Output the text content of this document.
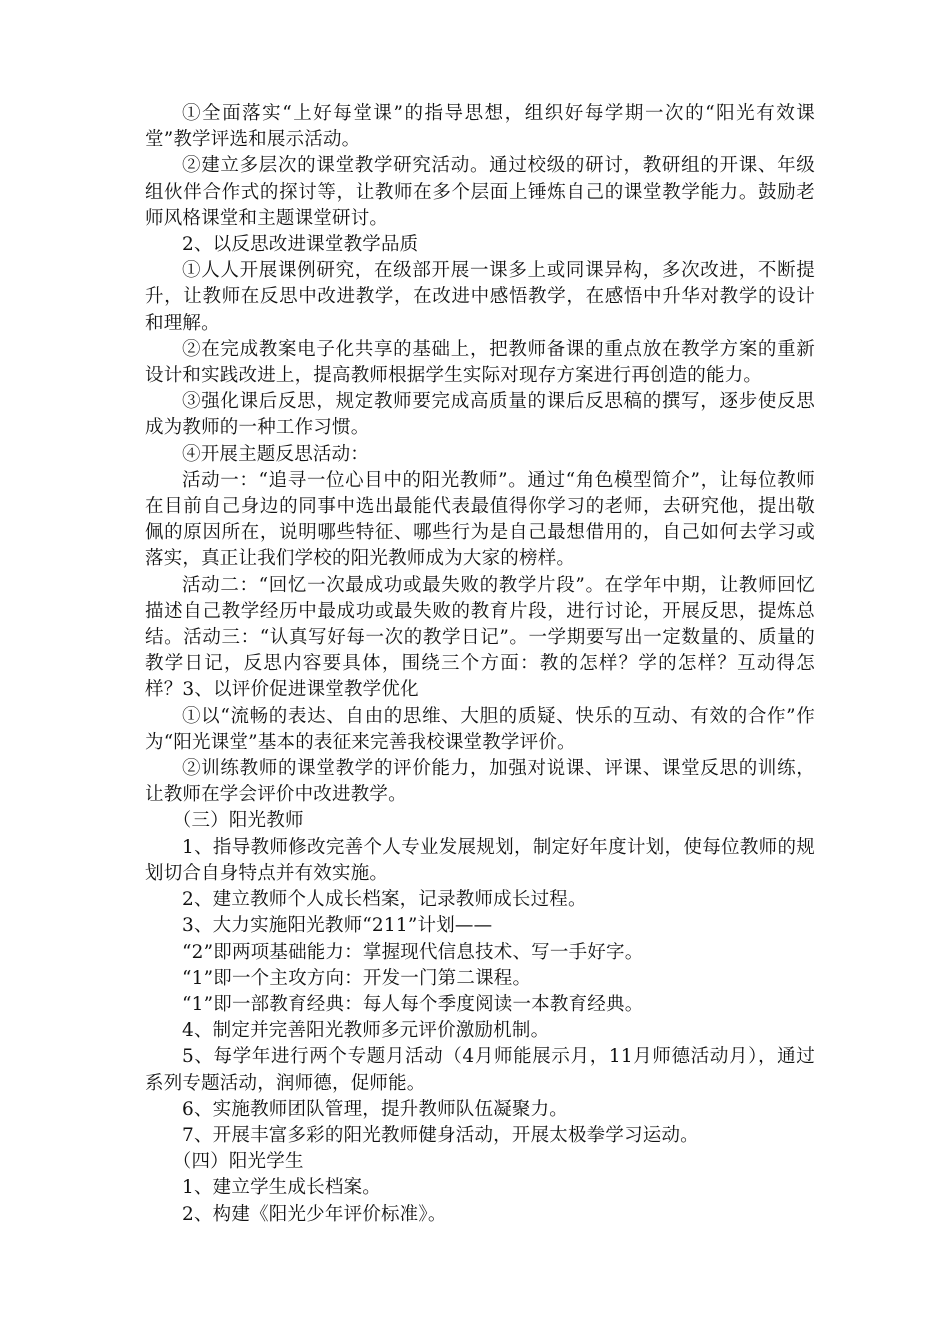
①全面落实“上好每堂课”的指导思想，组织好每学期一次的“阳光有效课堂”教学评选和展示活动。

②建立多层次的课堂教学研究活动。通过校级的研讨，教研组的开课、年级组伙伴合作式的探讨等，让教师在多个层面上锤炼自己的课堂教学能力。鼓励老师风格课堂和主题课堂研讨。

2、以反思改进课堂教学品质

①人人开展课例研究，在级部开展一课多上或同课异构，多次改进，不断提升，让教师在反思中改进教学，在改进中感悟教学，在感悟中升华对教学的设计和理解。

②在完成教案电子化共享的基础上，把教师备课的重点放在教学方案的重新设计和实践改进上，提高教师根据学生实际对现存方案进行再创造的能力。

③强化课后反思，规定教师要完成高质量的课后反思稿的撰写，逐步使反思成为教师的一种工作习惯。

④开展主题反思活动：

活动一：“追寻一位心目中的阳光教师”。通过“角色模型简介”，让每位教师在目前自己身边的同事中选出最能代表最值得你学习的老师，去研究他，提出敬佩的原因所在，说明哪些特征、哪些行为是自己最想借用的，自己如何去学习或落实，真正让我们学校的阳光教师成为大家的榜样。

活动二：“回忆一次最成功或最失败的教学片段”。在学年中期，让教师回忆描述自己教学经历中最成功或最失败的教育片段，进行讨论，开展反思，提炼总结。活动三：“认真写好每一次的教学日记”。一学期要写出一定数量的、质量的教学日记，反思内容要具体，围绕三个方面：教的怎样？学的怎样？互动得怎样？3、以评价促进课堂教学优化

①以“流畅的表达、自由的思维、大胆的质疑、快乐的互动、有效的合作”作为“阳光课堂”基本的表征来完善我校课堂教学评价。

②训练教师的课堂教学的评价能力，加强对说课、评课、课堂反思的训练，让教师在学会评价中改进教学。

（三）阳光教师

1、指导教师修改完善个人专业发展规划，制定好年度计划，使每位教师的规划切合自身特点并有效实施。

2、建立教师个人成长档案，记录教师成长过程。

3、大力实施阳光教师“211”计划——

“2”即两项基础能力：掌握现代信息技术、写一手好字。

“1”即一个主攻方向：开发一门第二课程。

“1”即一部教育经典：每人每个季度阅读一本教育经典。

4、制定并完善阳光教师多元评价激励机制。

5、每学年进行两个专题月活动（4月师能展示月，11月师德活动月），通过系列专题活动，润师德，促师能。

6、实施教师团队管理，提升教师队伍凝聚力。

7、开展丰富多彩的阳光教师健身活动，开展太极拳学习运动。

（四）阳光学生

1、建立学生成长档案。

2、构建《阳光少年评价标准》。
